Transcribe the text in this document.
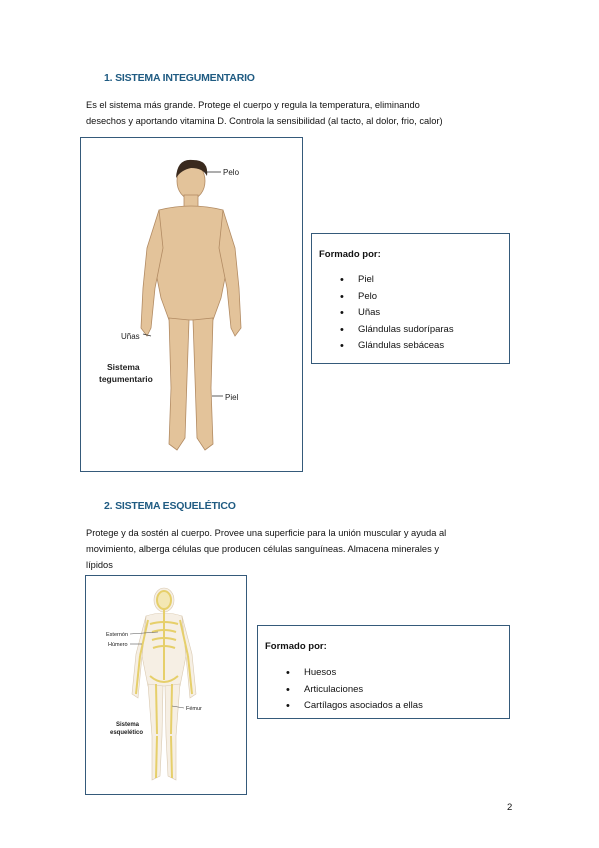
1. SISTEMA INTEGUMENTARIO
Es el sistema más grande. Protege el cuerpo y regula la temperatura, eliminando
desechos y aportando vitamina D. Controla la sensibilidad (al tacto, al dolor, frio, calor)
Pelo
Uñas
Piel
Sistema
tegumentario
Formado por:
• Piel
• Pelo
• Uñas
• Glándulas sudoríparas
• Glándulas sebáceas
2. SISTEMA ESQUELÉTICO
Protege y da sostén al cuerpo. Provee una superficie para la unión muscular y ayuda al
movimiento, alberga células que producen células sanguíneas. Almacena minerales y
lípidos
Esternón
Húmero
Fémur
Sistema
esquelético
Formado por:
• Huesos
• Articulaciones
• Cartílagos asociados a ellas
2
